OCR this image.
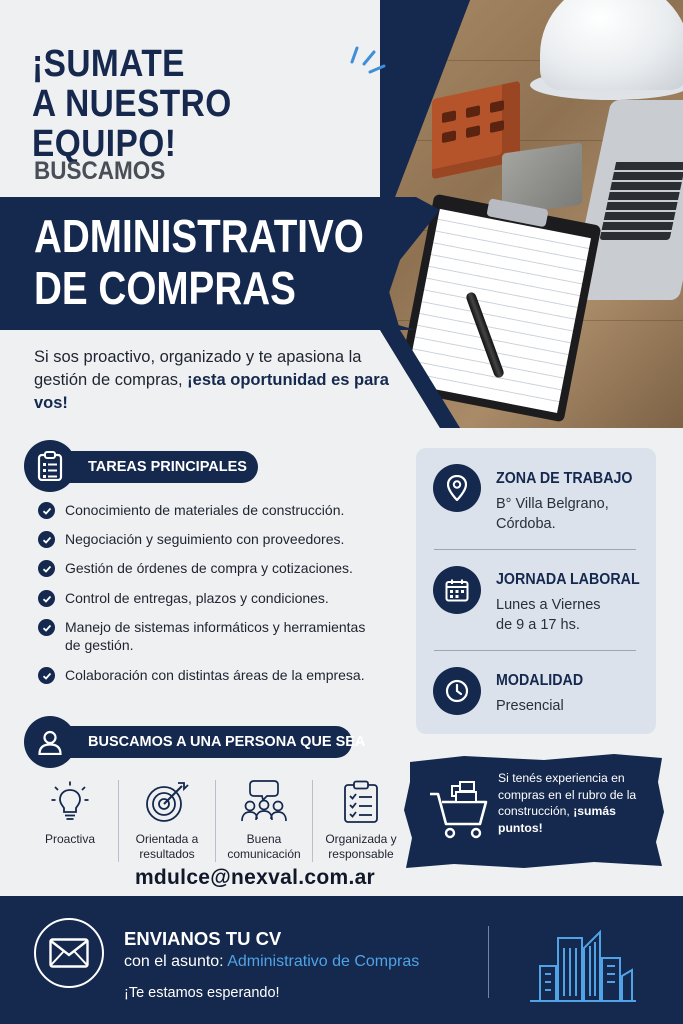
¡SUMATE
A NUESTRO EQUIPO!
BUSCAMOS
ADMINISTRATIVO
DE COMPRAS
Si sos proactivo, organizado y te apasiona la gestión de compras, ¡esta oportunidad es para vos!
TAREAS PRINCIPALES
Conocimiento de materiales de construcción.
Negociación y seguimiento con proveedores.
Gestión de órdenes de compra y cotizaciones.
Control de entregas, plazos y condiciones.
Manejo de sistemas informáticos y herramientas de gestión.
Colaboración con distintas áreas de la empresa.
ZONA DE TRABAJO
B° Villa Belgrano,
Córdoba.
JORNADA LABORAL
Lunes a Viernes
de 9 a 17 hs.
MODALIDAD
Presencial
BUSCAMOS A UNA PERSONA QUE SEA
Proactiva	Orientada a resultados
Buena comunicación
Organizada y responsable
Si tenés experiencia en compras en el rubro de la construcción, ¡sumás puntos!
mdulce@nexval.com.ar
ENVIANOS TU CV
con el asunto: Administrativo de Compras
¡Te estamos esperando!
